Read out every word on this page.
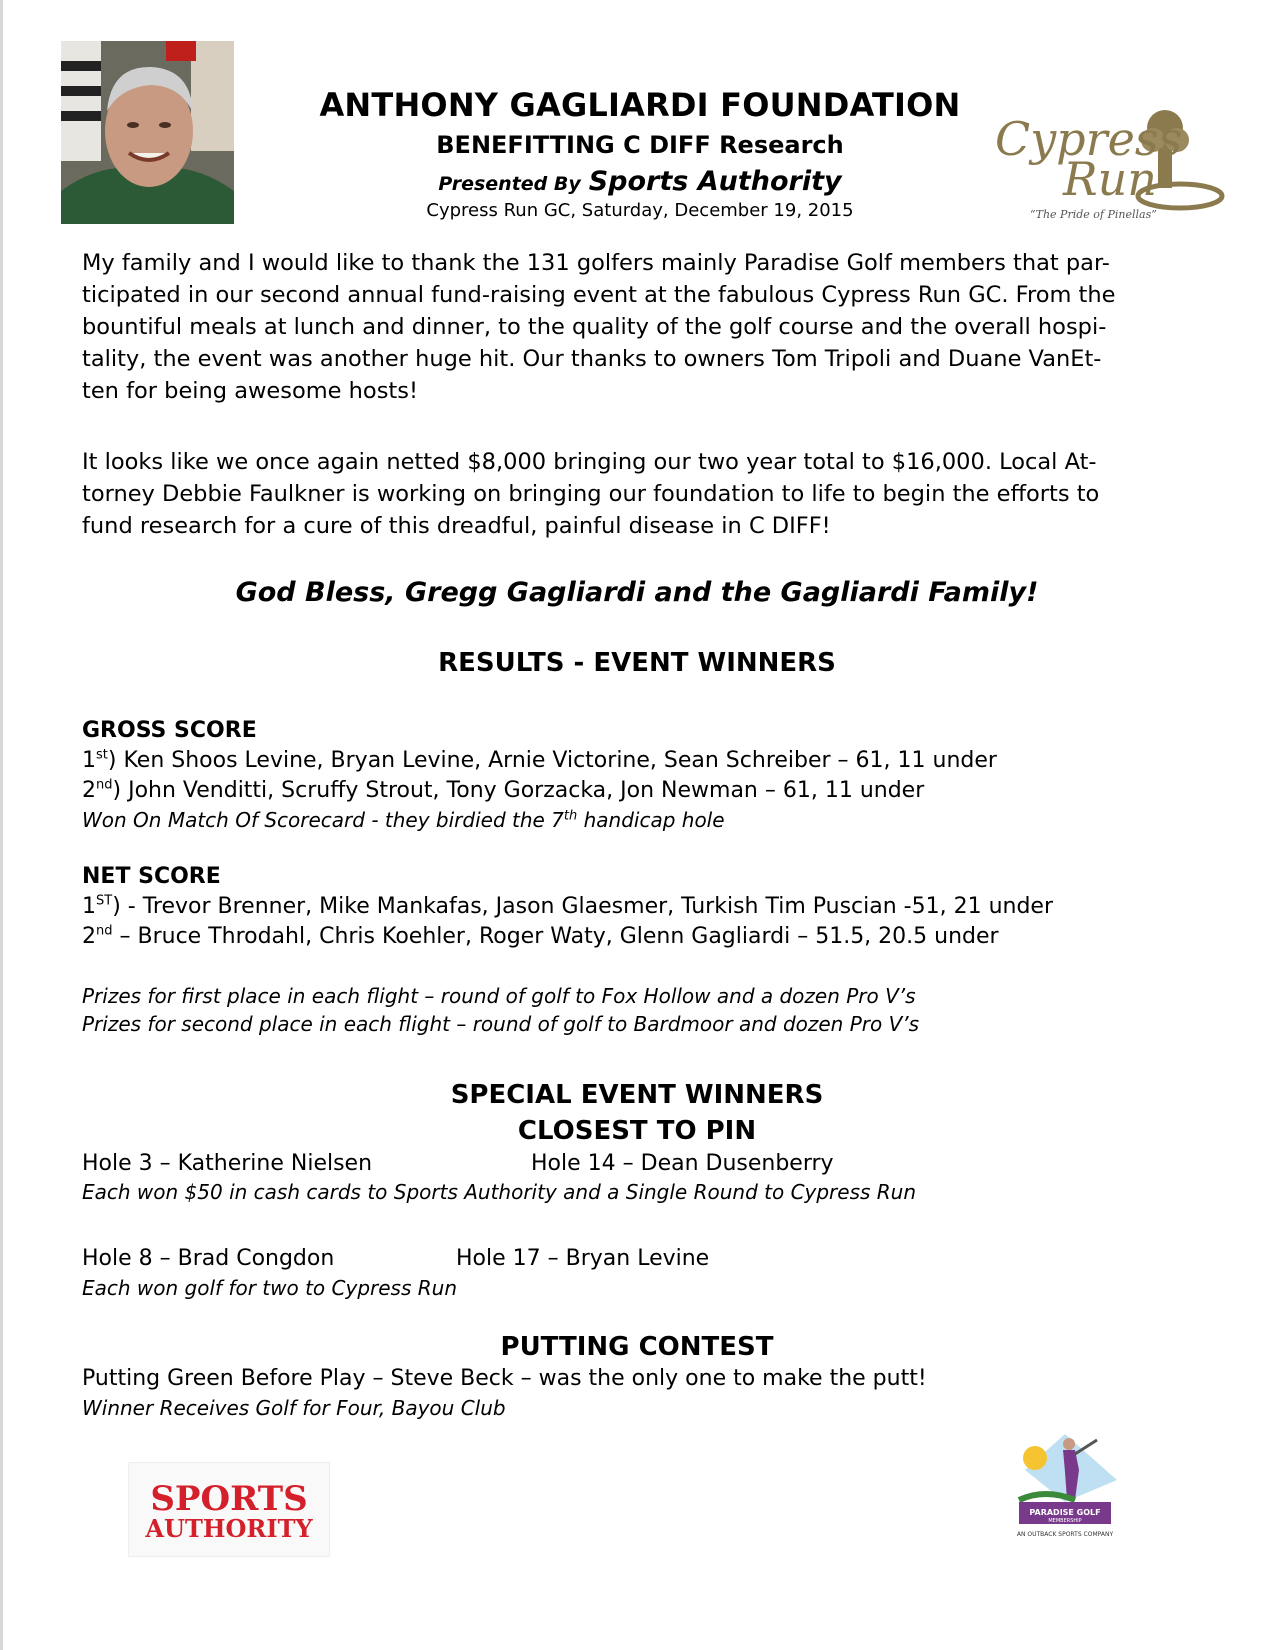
ANTHONY GAGLIARDI FOUNDATION
BENEFITTING C DIFF Research
Presented By Sports Authority
Cypress Run GC, Saturday, December 19, 2015
Cypress
Run
“The Pride of Pinellas”
My family and I would like to thank the 131 golfers mainly Paradise Golf members that par-
ticipated in our second annual fund-raising event at the fabulous Cypress Run GC. From the
bountiful meals at lunch and dinner, to the quality of the golf course and the overall hospi-
tality, the event was another huge hit. Our thanks to owners Tom Tripoli and Duane VanEt-
ten for being awesome hosts!
It looks like we once again netted $8,000 bringing our two year total to $16,000. Local At-
torney Debbie Faulkner is working on bringing our foundation to life to begin the efforts to
fund research for a cure of this dreadful, painful disease in C DIFF!
God Bless, Gregg Gagliardi and the Gagliardi Family!
RESULTS - EVENT WINNERS
GROSS SCORE
1st) Ken Shoos Levine, Bryan Levine, Arnie Victorine, Sean Schreiber – 61, 11 under
2nd) John Venditti, Scruffy Strout, Tony Gorzacka, Jon Newman – 61, 11 under
Won On Match Of Scorecard - they birdied the 7th handicap hole
NET SCORE
1ST) - Trevor Brenner, Mike Mankafas, Jason Glaesmer, Turkish Tim Puscian -51, 21 under
2nd – Bruce Throdahl, Chris Koehler, Roger Waty, Glenn Gagliardi – 51.5, 20.5 under
Prizes for first place in each flight – round of golf to Fox Hollow and a dozen Pro V’s
Prizes for second place in each flight – round of golf to Bardmoor and dozen Pro V’s
SPECIAL EVENT WINNERS
CLOSEST TO PIN
Hole 3 – Katherine Nielsen	Hole 14 – Dean Dusenberry
Each won $50 in cash cards to Sports Authority and a Single Round to Cypress Run
Hole 8 – Brad Congdon	Hole 17 – Bryan Levine
Each won golf for two to Cypress Run
PUTTING CONTEST
Putting Green Before Play – Steve Beck – was the only one to make the putt!
Winner Receives Golf for Four, Bayou Club
SPORTS
AUTHORITY
PARADISE GOLF
MEMBERSHIP
AN OUTBACK SPORTS COMPANY
